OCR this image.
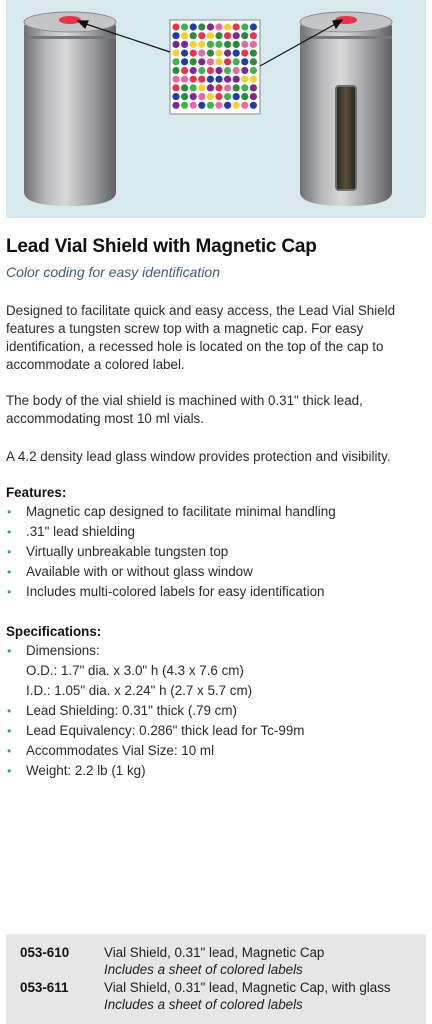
Lead Vial Shield with Magnetic Cap
Color coding for easy identification

Designed to facilitate quick and easy access, the Lead Vial Shield features a tungsten screw top with a magnetic cap. For easy identification, a recessed hole is located on the top of the cap to accommodate a colored label.

The body of the vial shield is machined with 0.31" thick lead, accommodating most 10 ml vials.

A 4.2 density lead glass window provides protection and visibility.

Features:
• Magnetic cap designed to facilitate minimal handling
• .31" lead shielding
• Virtually unbreakable tungsten top
• Available with or without glass window
• Includes multi-colored labels for easy identification
Specifications:
• Dimensions:
O.D.: 1.7" dia. x 3.0" h (4.3 x 7.6 cm)
I.D.: 1.05" dia. x 2.24" h (2.7 x 5.7 cm)
• Lead Shielding: 0.31" thick (.79 cm)
• Lead Equivalency: 0.286" thick lead for Tc-99m
• Accommodates Vial Size: 10 ml
• Weight: 2.2 lb (1 kg)
053-610	Vial Shield, 0.31" lead, Magnetic Cap
Includes a sheet of colored labels
053-611	Vial Shield, 0.31" lead, Magnetic Cap, with glass
Includes a sheet of colored labels
